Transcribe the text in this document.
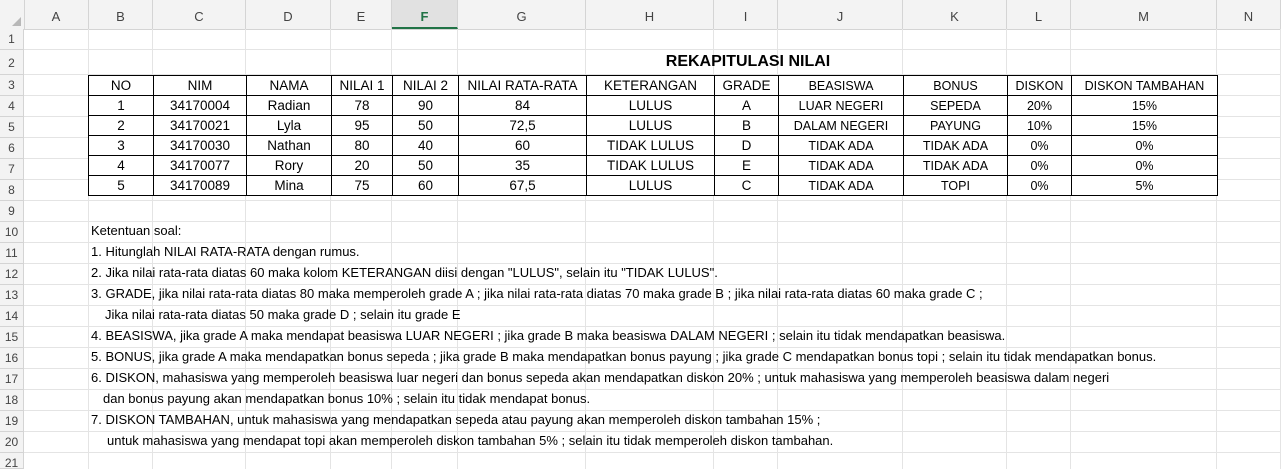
A	B	C	D	E	F	G	H	I	J	K	L	M	N
1
2
3
4
5
6
7
8
9
10
11
12
13
14
15
16
17
18
19
20
21
REKAPITULASI NILAI
NO	NIM	NAMA	NILAI 1	NILAI 2	NILAI RATA-RATA	KETERANGAN	GRADE	BEASISWA	BONUS	DISKON	DISKON TAMBAHAN
1	34170004	Radian	78	90	84	LULUS	A	LUAR NEGERI	SEPEDA	20%	15%
2	34170021	Lyla	95	50	72,5	LULUS	B	DALAM NEGERI	PAYUNG	10%	15%
3	34170030	Nathan	80	40	60	TIDAK LULUS	D	TIDAK ADA	TIDAK ADA	0%	0%
4	34170077	Rory	20	50	35	TIDAK LULUS	E	TIDAK ADA	TIDAK ADA	0%	0%
5	34170089	Mina	75	60	67,5	LULUS	C	TIDAK ADA	TOPI	0%	5%
Ketentuan soal:
1. Hitunglah NILAI RATA-RATA dengan rumus.
2. Jika nilai rata-rata diatas 60 maka kolom KETERANGAN diisi dengan "LULUS", selain itu "TIDAK LULUS".
3. GRADE, jika nilai rata-rata diatas 80 maka memperoleh grade A ; jika nilai rata-rata diatas 70 maka grade B ; jika nilai rata-rata diatas 60 maka grade C ;
Jika nilai rata-rata diatas 50 maka grade D ; selain itu grade E
4. BEASISWA, jika grade A maka mendapat beasiswa LUAR NEGERI ; jika grade B maka beasiswa DALAM NEGERI ; selain itu tidak mendapatkan beasiswa.
5. BONUS, jika grade A maka mendapatkan bonus sepeda ; jika grade B maka mendapatkan bonus payung ; jika grade C mendapatkan bonus topi ; selain itu tidak mendapatkan bonus.
6. DISKON, mahasiswa yang memperoleh beasiswa luar negeri dan bonus sepeda akan mendapatkan diskon 20% ; untuk mahasiswa yang memperoleh beasiswa dalam negeri
dan bonus payung akan mendapatkan bonus 10% ; selain itu tidak mendapat bonus.
7. DISKON TAMBAHAN, untuk mahasiswa yang mendapatkan sepeda atau payung akan memperoleh diskon tambahan 15% ;
untuk mahasiswa yang mendapat topi akan memperoleh diskon tambahan 5% ; selain itu tidak memperoleh diskon tambahan.
